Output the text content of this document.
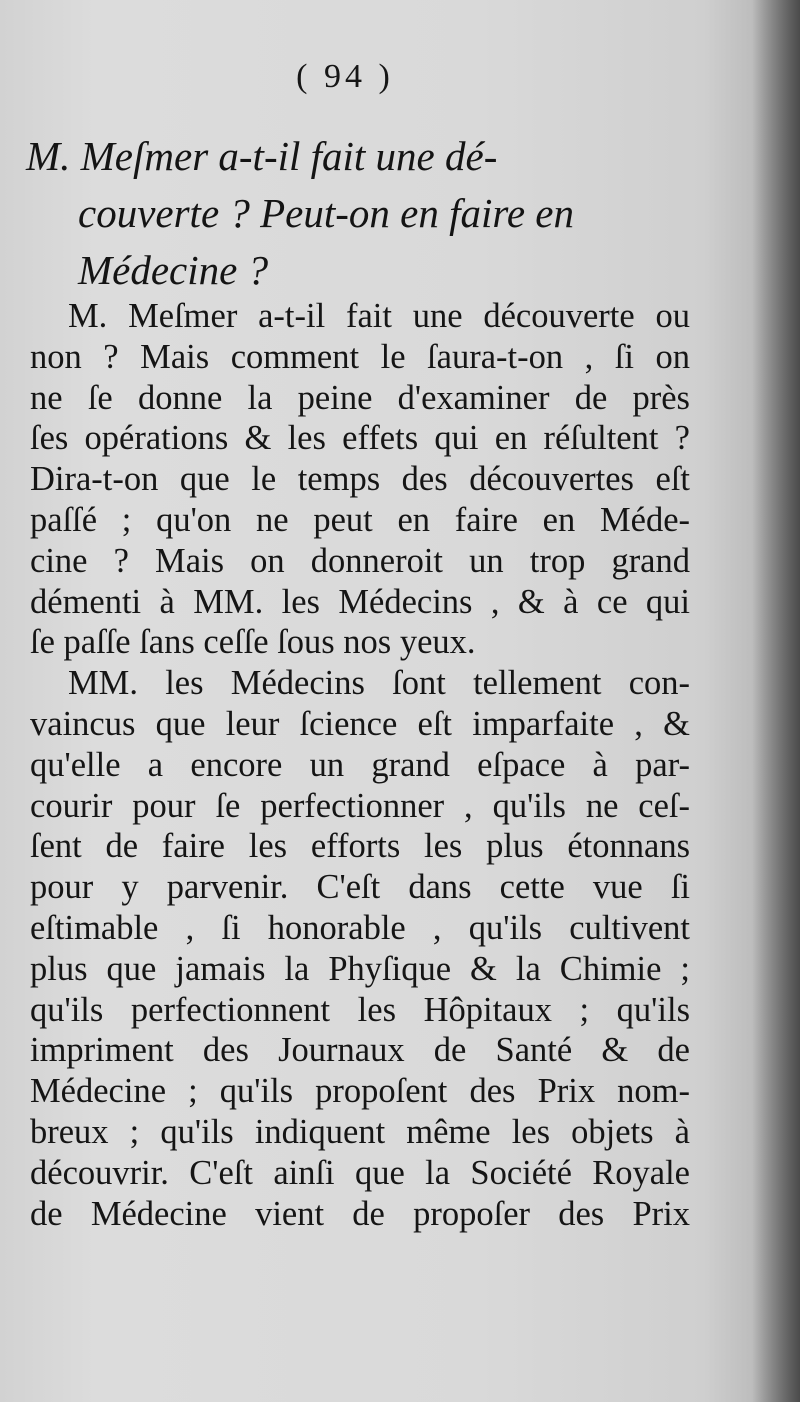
( 94 )
M. Meſmer a-t-il fait une dé-
couverte ? Peut-on en faire en
Médecine ?
M. Meſmer a-t-il fait une découverte ou
non ? Mais comment le ſaura-t-on , ſi on
ne ſe donne la peine d'examiner de près
ſes opérations & les effets qui en réſultent ?
Dira-t-on que le temps des découvertes eſt
paſſé ; qu'on ne peut en faire en Méde-
cine ? Mais on donneroit un trop grand
démenti à MM. les Médecins , & à ce qui
ſe paſſe ſans ceſſe ſous nos yeux.
MM. les Médecins ſont tellement con-
vaincus que leur ſcience eſt imparfaite , &
qu'elle a encore un grand eſpace à par-
courir pour ſe perfectionner , qu'ils ne ceſ-
ſent de faire les efforts les plus étonnans
pour y parvenir. C'eſt dans cette vue ſi
eſtimable , ſi honorable , qu'ils cultivent
plus que jamais la Phyſique & la Chimie ;
qu'ils perfectionnent les Hôpitaux ; qu'ils
impriment des Journaux de Santé & de
Médecine ; qu'ils propoſent des Prix nom-
breux ; qu'ils indiquent même les objets à
découvrir. C'eſt ainſi que la Société Royale
de Médecine vient de propoſer des Prix
